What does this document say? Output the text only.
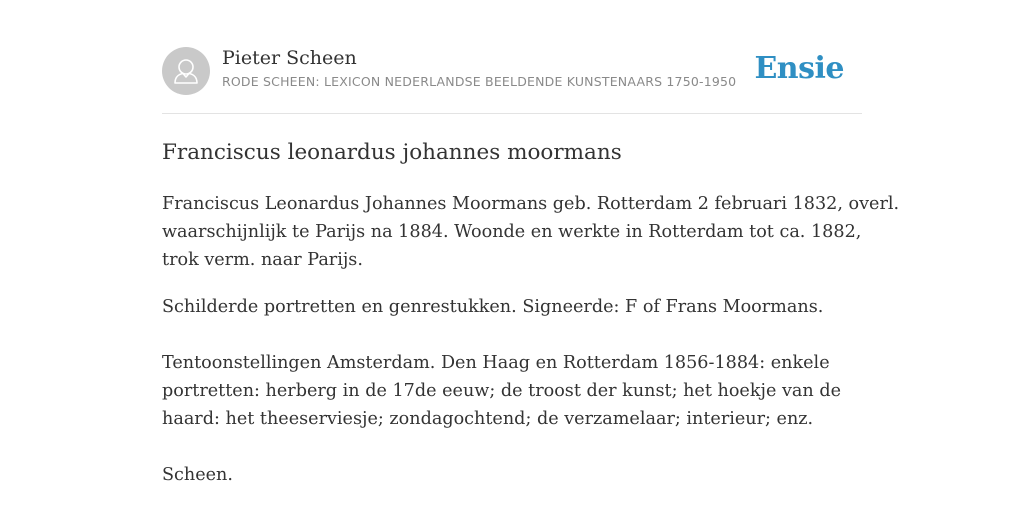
Pieter Scheen
RODE SCHEEN: LEXICON NEDERLANDSE BEELDENDE KUNSTENAARS 1750-1950 Ensie
Franciscus leonardus johannes moormans

Franciscus Leonardus Johannes Moormans geb. Rotterdam 2 februari 1832, overl.
waarschijnlijk te Parijs na 1884. Woonde en werkte in Rotterdam tot ca. 1882,
trok verm. naar Parijs.

Schilderde portretten en genrestukken. Signeerde: F of Frans Moormans.

Tentoonstellingen Amsterdam. Den Haag en Rotterdam 1856-1884: enkele
portretten: herberg in de 17de eeuw; de troost der kunst; het hoekje van de
haard: het theeserviesje; zondagochtend; de verzamelaar; interieur; enz.

Scheen.
